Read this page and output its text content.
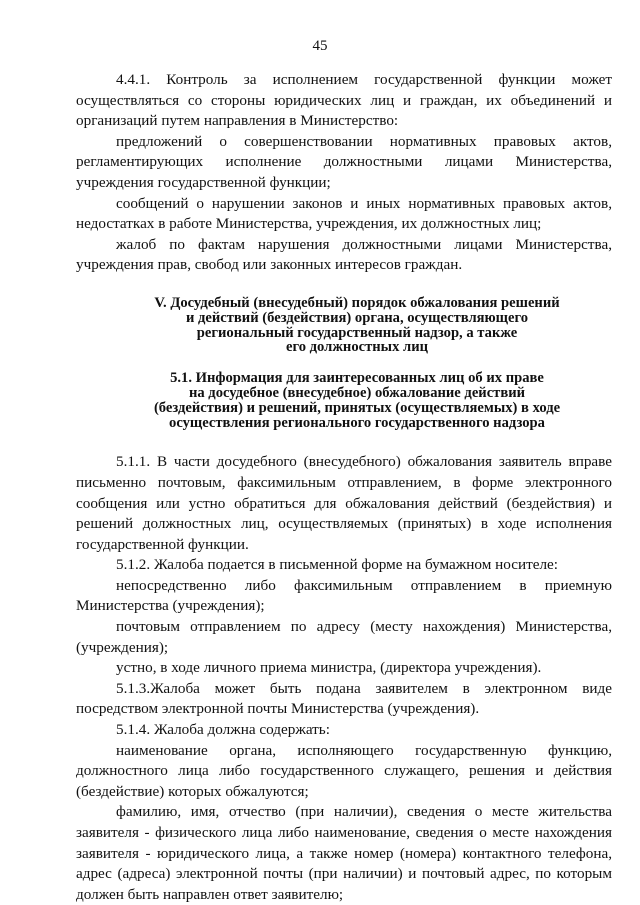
45

4.4.1. Контроль за исполнением государственной функции может осуществляться со стороны юридических лиц и граждан, их объединений и организаций путем направления в Министерство:

предложений о совершенствовании нормативных правовых актов, регламентирующих исполнение должностными лицами Министерства, учреждения государственной функции;

сообщений о нарушении законов и иных нормативных правовых актов, недостатках в работе Министерства, учреждения, их должностных лиц;

жалоб по фактам нарушения должностными лицами Министерства, учреждения прав, свобод или законных интересов граждан.

V. Досудебный (внесудебный) порядок обжалования решений
и действий (бездействия) органа, осуществляющего
региональный государственный надзор, а также
его должностных лиц

5.1. Информация для заинтересованных лиц об их праве
на досудебное (внесудебное) обжалование действий
(бездействия) и решений, принятых (осуществляемых) в ходе
осуществления регионального государственного надзора

5.1.1. В части досудебного (внесудебного) обжалования заявитель вправе письменно почтовым, факсимильным отправлением, в форме электронного сообщения или устно обратиться для обжалования действий (бездействия) и решений должностных лиц, осуществляемых (принятых) в ходе исполнения государственной функции.

5.1.2. Жалоба подается в письменной форме на бумажном носителе:

непосредственно либо факсимильным отправлением в приемную Министерства (учреждения);

почтовым отправлением по адресу (месту нахождения) Министерства, (учреждения);

устно, в ходе личного приема министра, (директора учреждения).

5.1.3.Жалоба может быть подана заявителем в электронном виде посредством электронной почты Министерства (учреждения).

5.1.4. Жалоба должна содержать:

наименование органа, исполняющего государственную функцию, должностного лица либо государственного служащего, решения и действия (бездействие) которых обжалуются;

фамилию, имя, отчество (при наличии), сведения о месте жительства заявителя - физического лица либо наименование, сведения о месте нахождения заявителя - юридического лица, а также номер (номера) контактного телефона, адрес (адреса) электронной почты (при наличии) и почтовый адрес, по которым должен быть направлен ответ заявителю;
